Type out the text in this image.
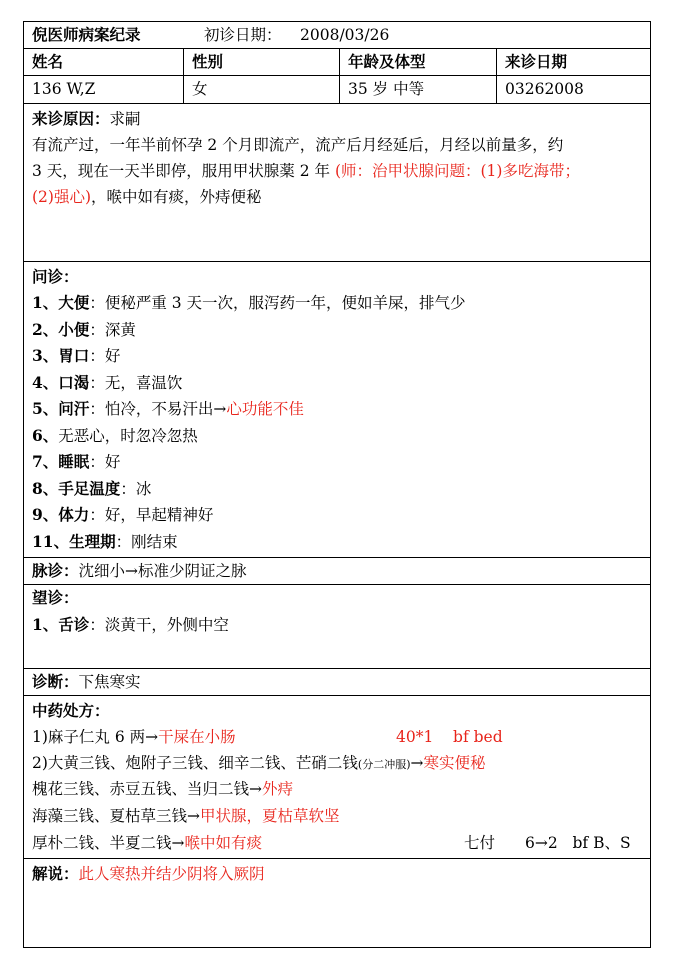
倪医师病案纪录	初诊日期： 2008/03/26
姓名	性别	年龄及体型	来诊日期
136 W,Z	女	35 岁 中等	03262008
来诊原因：求嗣
有流产过，一年半前怀孕 2 个月即流产，流产后月经延后，月经以前量多，约
3 天，现在一天半即停，服用甲状腺薬 2 年 (师：治甲状腺问题：(1)多吃海带；
(2)强心)，喉中如有痰，外痔便秘
问诊：
1、大便：便秘严重 3 天一次，服泻药一年，便如羊屎，排气少
2、小便：深黄
3、胃口：好
4、口渴：无，喜温饮
5、问汗：怕冷，不易汗出→心功能不佳
6、无恶心，时忽冷忽热
7、睡眠：好
8、手足温度：冰
9、体力：好，早起精神好
11、生理期：刚结束
脉诊：沈细小→标准少阴证之脉
望诊：
1、舌诊：淡黄干，外侧中空
诊断：下焦寒实
中药处方：
1)麻子仁丸 6 两→干屎在小肠	40*1    bf bed
2)大黄三钱、炮附子三钱、细辛二钱、芒硝二钱(分二冲服)→寒实便秘
槐花三钱、赤豆五钱、当归二钱→外痔
海藻三钱、夏枯草三钱→甲状腺，夏枯草软坚
厚朴二钱、半夏二钱→喉中如有痰	七付 6→2   bf B、S
解说：此人寒热并结少阴将入厥阴
